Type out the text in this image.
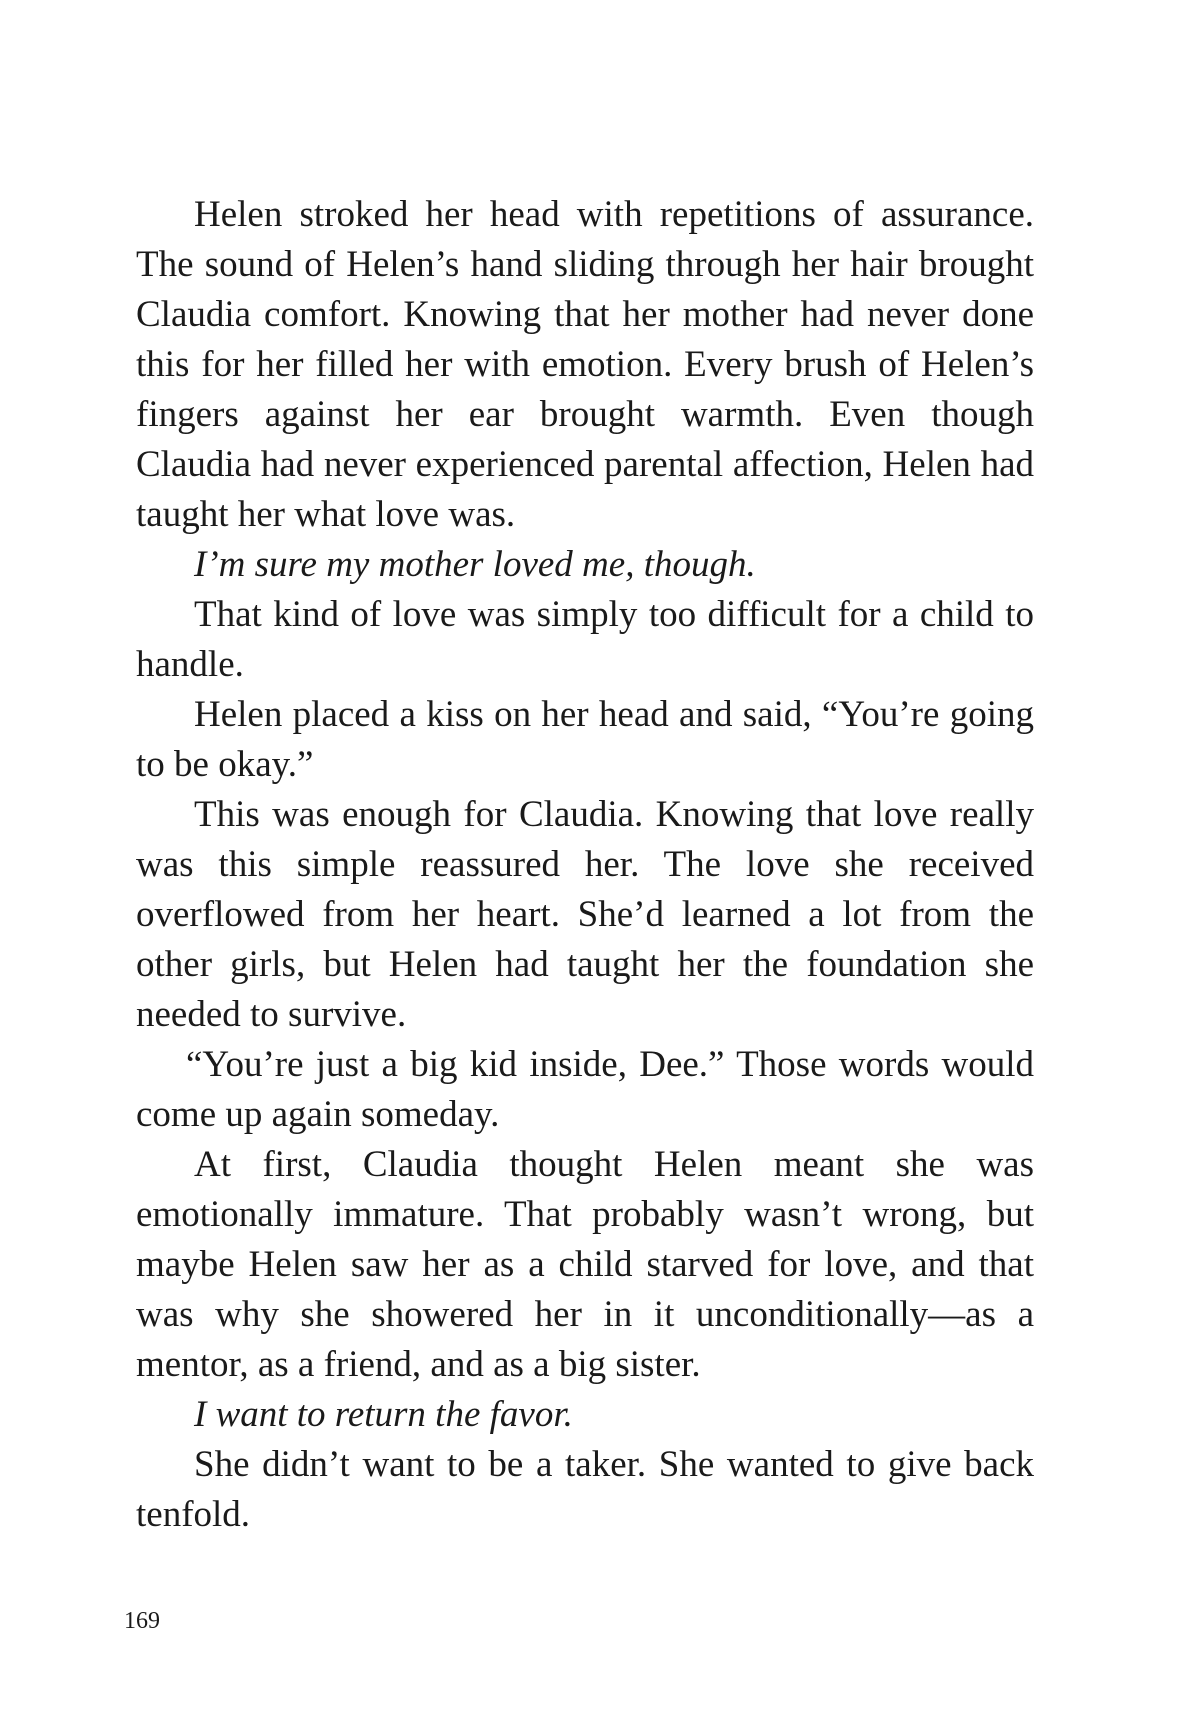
Helen stroked her head with repetitions of assurance. The sound of Helen’s hand sliding through her hair brought Claudia comfort. Knowing that her mother had never done this for her filled her with emotion. Every brush of Helen’s fingers against her ear brought warmth. Even though Claudia had never experienced parental affection, Helen had taught her what love was.

I’m sure my mother loved me, though.

That kind of love was simply too difficult for a child to handle.

Helen placed a kiss on her head and said, “You’re going to be okay.”

This was enough for Claudia. Knowing that love really was this simple reassured her. The love she received overflowed from her heart. She’d learned a lot from the other girls, but Helen had taught her the foundation she needed to survive.

“You’re just a big kid inside, Dee.” Those words would come up again someday.

At first, Claudia thought Helen meant she was emotionally immature. That probably wasn’t wrong, but maybe Helen saw her as a child starved for love, and that was why she showered her in it unconditionally—as a mentor, as a friend, and as a big sister.

I want to return the favor.

She didn’t want to be a taker. She wanted to give back tenfold.

169
